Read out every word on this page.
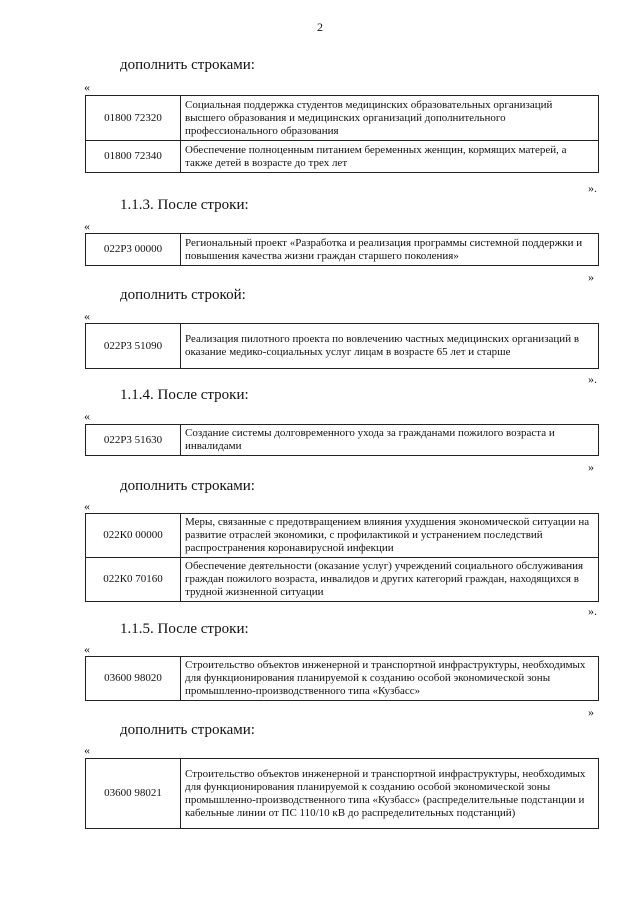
2
дополнить строками:
«
01800 72320	Социальная поддержка студентов медицинских образовательных организаций высшего образования и медицинских организаций дополнительного профессионального образования
01800 72340	Обеспечение полноценным питанием беременных женщин, кормящих матерей, а также детей в возрасте до трех лет
».
1.1.3. После строки:
«
022Р3 00000	Региональный проект «Разработка и реализация программы системной поддержки и повышения качества жизни граждан старшего поколения»
»
дополнить строкой:
«
022Р3 51090	Реализация пилотного проекта по вовлечению частных медицинских организаций в оказание медико-социальных услуг лицам в возрасте 65 лет и старше
».
1.1.4. После строки:
«
022Р3 51630	Создание системы долговременного ухода за гражданами пожилого возраста и инвалидами
»
дополнить строками:
«
022К0 00000	Меры, связанные с предотвращением влияния ухудшения экономической ситуации на развитие отраслей экономики, с профилактикой и устранением последствий распространения коронавирусной инфекции
022К0 70160	Обеспечение деятельности (оказание услуг) учреждений социального обслуживания граждан пожилого возраста, инвалидов и других категорий граждан, находящихся в трудной жизненной ситуации
».
1.1.5. После строки:
«
03600 98020	Строительство объектов инженерной и транспортной инфраструктуры, необходимых для функционирования планируемой к созданию особой экономической зоны промышленно-производственного типа «Кузбасс»
»
дополнить строками:
«
03600 98021	Строительство объектов инженерной и транспортной инфраструктуры, необходимых для функционирования планируемой к созданию особой экономической зоны промышленно-производственного типа «Кузбасс» (распределительные подстанции и кабельные линии от ПС 110/10 кВ до распределительных подстанций)
